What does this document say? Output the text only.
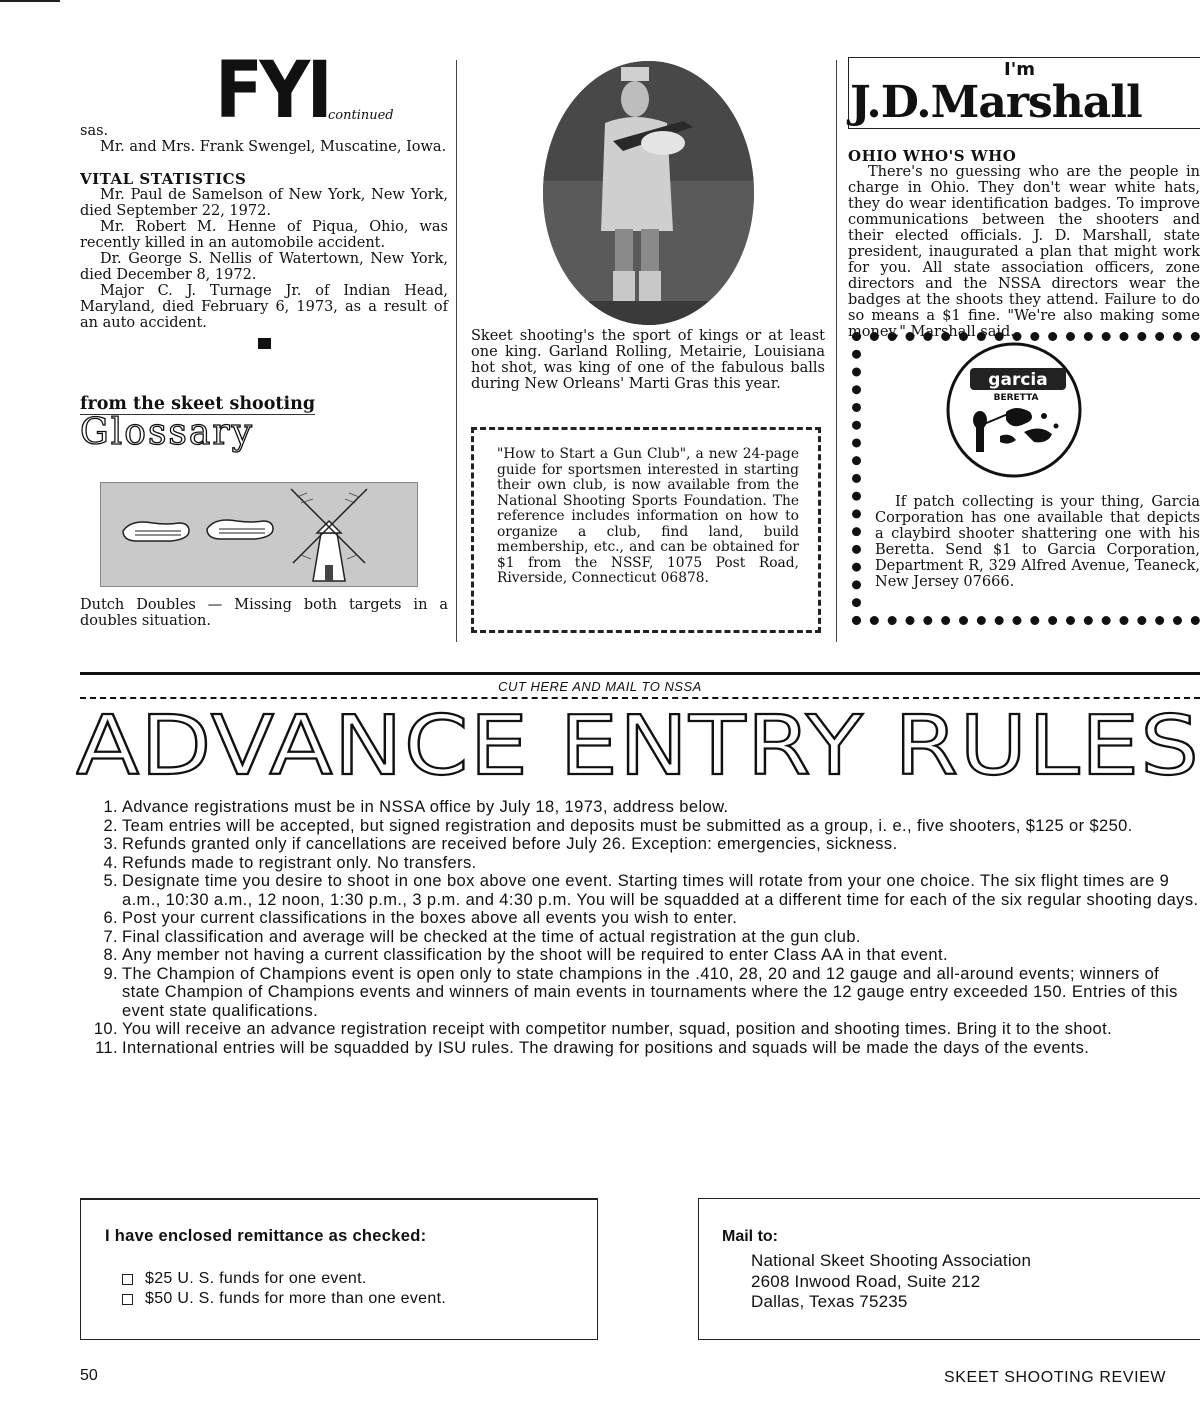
FYI
continued

sas.

Mr. and Mrs. Frank Swengel, Muscatine, Iowa.

VITAL STATISTICS

Mr. Paul de Samelson of New York, New York, died September 22, 1972.

Mr. Robert M. Henne of Piqua, Ohio, was recently killed in an automobile accident.

Dr. George S. Nellis of Watertown, New York, died December 8, 1972.

Major C. J. Turnage Jr. of Indian Head, Maryland, died February 6, 1973, as a result of an auto accident.

from the skeet shooting
Glossary
Dutch Doubles — Missing both targets in a doubles situation.
Skeet shooting's the sport of kings or at least one king. Garland Rolling, Metairie, Louisiana hot shot, was king of one of the fabulous balls during New Orleans' Marti Gras this year.
"How to Start a Gun Club", a new 24-page guide for sportsmen interested in starting their own club, is now available from the National Shooting Sports Foundation. The reference includes information on how to organize a club, find land, build membership, etc., and can be obtained for $1 from the NSSF, 1075 Post Road, Riverside, Connecticut 06878.
I'm
J.D.Marshall

OHIO WHO'S WHO

There's no guessing who are the people in charge in Ohio. They don't wear white hats, they do wear identification badges. To improve communications between the shooters and their elected officials. J. D. Marshall, state president, inaugurated a plan that might work for you. All state association officers, zone directors and the NSSA directors wear the badges at the shoots they attend. Failure to do so means a $1 fine. "We're also making some money," Marshall said.

garcia
BERETTA

If patch collecting is your thing, Garcia Corporation has one available that depicts a claybird shooter shattering one with his Beretta. Send $1 to Garcia Corporation, Department R, 329 Alfred Avenue, Teaneck, New Jersey 07666.

CUT HERE AND MAIL TO NSSA
ADVANCE ENTRY RULES
1. Advance registrations must be in NSSA office by July 18, 1973, address below.
2. Team entries will be accepted, but signed registration and deposits must be submitted as a group, i. e., five shooters, $125 or $250.
3. Refunds granted only if cancellations are received before July 26. Exception: emergencies, sickness.
4. Refunds made to registrant only. No transfers.
5. Designate time you desire to shoot in one box above one event. Starting times will rotate from your one choice. The six flight times are 9 a.m., 10:30 a.m., 12 noon, 1:30 p.m., 3 p.m. and 4:30 p.m. You will be squadded at a different time for each of the six regular shooting days.
6. Post your current classifications in the boxes above all events you wish to enter.
7. Final classification and average will be checked at the time of actual registration at the gun club.
8. Any member not having a current classification by the shoot will be required to enter Class AA in that event.
9. The Champion of Champions event is open only to state champions in the .410, 28, 20 and 12 gauge and all-around events; winners of state Champion of Champions events and winners of main events in tournaments where the 12 gauge entry exceeded 150. Entries of this event state qualifications.
10. You will receive an advance registration receipt with competitor number, squad, position and shooting times. Bring it to the shoot.
11. International entries will be squadded by ISU rules. The drawing for positions and squads will be made the days of the events.
I have enclosed remittance as checked:
$25 U. S. funds for one event.
$50 U. S. funds for more than one event.
Mail to:
National Skeet Shooting Association
2608 Inwood Road, Suite 212
Dallas, Texas 75235
50	SKEET SHOOTING REVIEW
